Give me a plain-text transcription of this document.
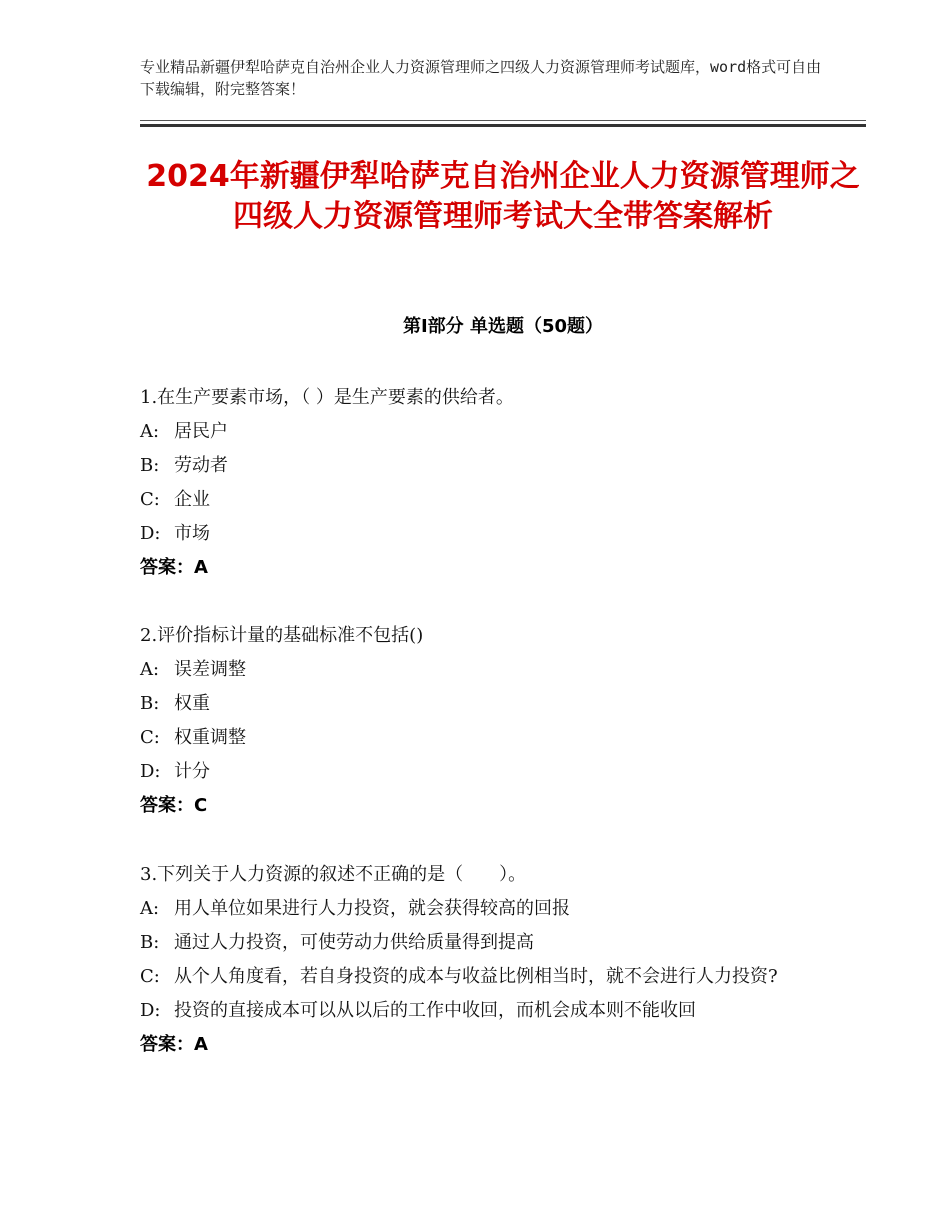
专业精品新疆伊犁哈萨克自治州企业人力资源管理师之四级人力资源管理师考试题库，word格式可自由下载编辑，附完整答案！
2024年新疆伊犁哈萨克自治州企业人力资源管理师之四级人力资源管理师考试大全带答案解析
第Ⅰ部分 单选题（50题）
1.在生产要素市场，（ ）是生产要素的供给者。
A: 居民户
B: 劳动者
C: 企业
D: 市场
答案：A
2.评价指标计量的基础标准不包括()
A: 误差调整
B: 权重
C: 权重调整
D: 计分
答案：C
3.下列关于人力资源的叙述不正确的是（　　）。
A: 用人单位如果进行人力投资，就会获得较高的回报
B: 通过人力投资，可使劳动力供给质量得到提高
C: 从个人角度看，若自身投资的成本与收益比例相当时，就不会进行人力投资?
D: 投资的直接成本可以从以后的工作中收回，而机会成本则不能收回
答案：A
